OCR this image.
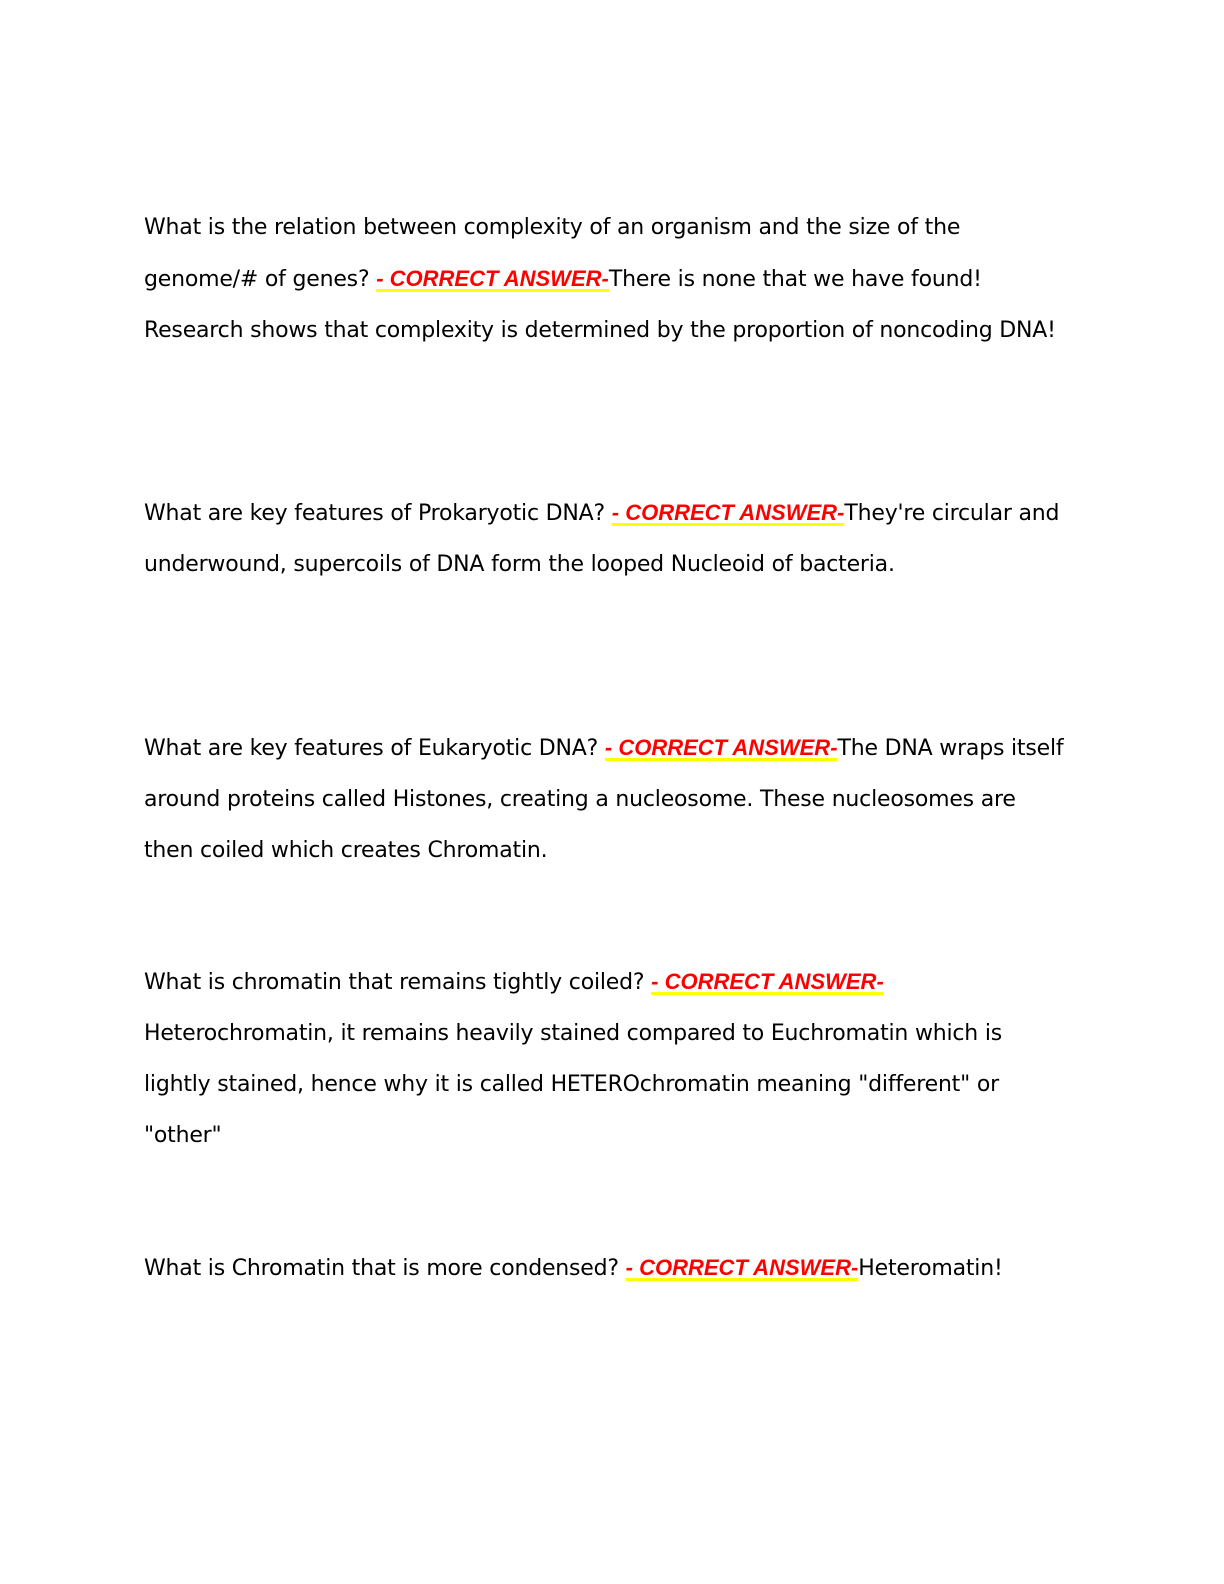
What is the relation between complexity of an organism and the size of the genome/# of genes? - CORRECT ANSWER-There is none that we have found! Research shows that complexity is determined by the proportion of noncoding DNA!

What are key features of Prokaryotic DNA? - CORRECT ANSWER-They're circular and underwound, supercoils of DNA form the looped Nucleoid of bacteria.

What are key features of Eukaryotic DNA? - CORRECT ANSWER-The DNA wraps itself around proteins called Histones, creating a nucleosome. These nucleosomes are then coiled which creates Chromatin.

What is chromatin that remains tightly coiled? - CORRECT ANSWER-Heterochromatin, it remains heavily stained compared to Euchromatin which is lightly stained, hence why it is called HETEROchromatin meaning "different" or "other"

What is Chromatin that is more condensed? - CORRECT ANSWER-Heteromatin!
